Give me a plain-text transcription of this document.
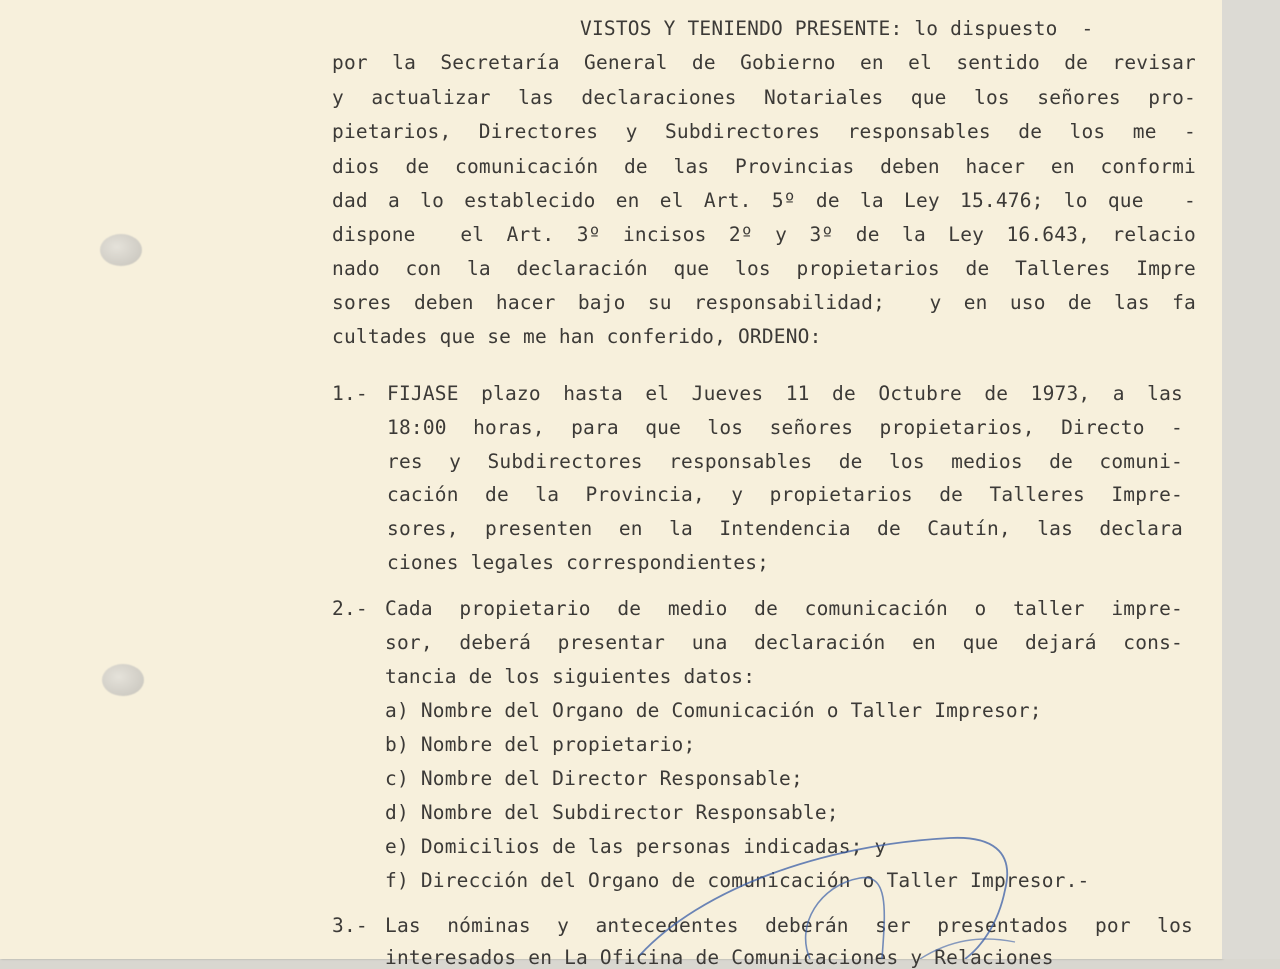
VISTOS Y TENIENDO PRESENTE: lo dispuesto  -

por la Secretaría General de Gobierno en el sentido de revisar

y actualizar las declaraciones Notariales que los señores pro-

pietarios, Directores y Subdirectores responsables de los me -

dios de comunicación de las Provincias deben hacer en conformi

dad a lo establecido en el Art. 5º de la Ley 15.476; lo que  -

dispone  el Art. 3º incisos 2º y 3º de la Ley 16.643, relacio

nado con la declaración que los propietarios de Talleres Impre

sores deben hacer bajo su responsabilidad;  y en uso de las fa

cultades que se me han conferido, ORDENO:

1.- FIJASE plazo hasta el Jueves 11 de Octubre de 1973, a las

18:00 horas, para que los señores propietarios, Directo -

res y Subdirectores responsables de los medios de comuni-

cación de la Provincia, y propietarios de Talleres Impre-

sores, presenten en la Intendencia de Cautín, las declara

ciones legales correspondientes;

2.- Cada propietario de medio de comunicación o taller impre-

sor, deberá presentar una declaración en que dejará cons-

tancia de los siguientes datos:

a) Nombre del Organo de Comunicación o Taller Impresor;

b) Nombre del propietario;

c) Nombre del Director Responsable;

d) Nombre del Subdirector Responsable;

e) Domicilios de las personas indicadas; y

f) Dirección del Organo de comunicación o Taller Impresor.-

3.- Las nóminas y antecedentes deberán ser presentados por los

interesados en La Oficina de Comunicaciones y Relaciones
